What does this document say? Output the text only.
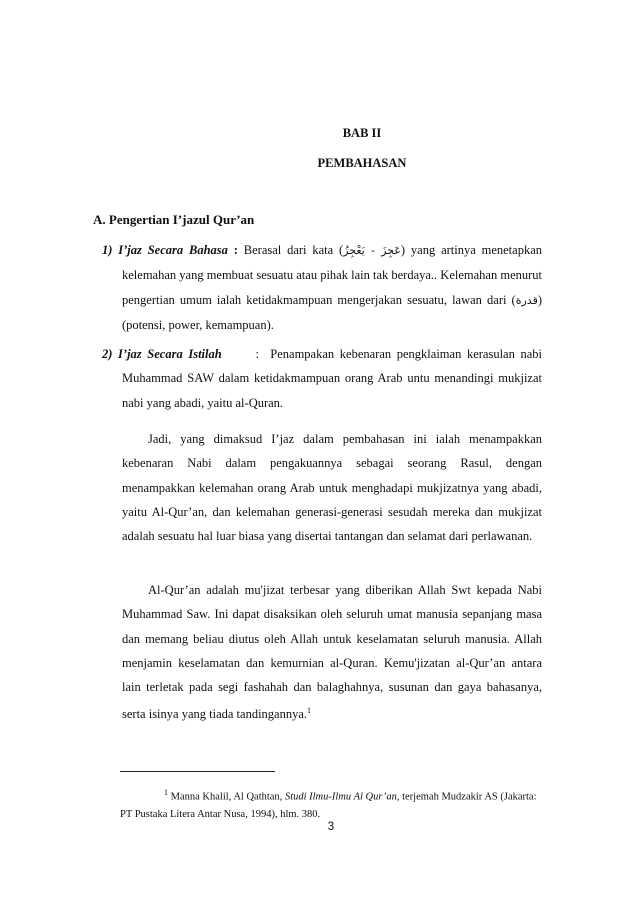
BAB II
PEMBAHASAN
A. Pengertian I’jazul Qur’an
1) I’jaz Secara Bahasa : Berasal dari kata (عَجِزَ - يَعْجِزُ) yang artinya menetapkan kelemahan yang membuat sesuatu atau pihak lain tak berdaya.. Kelemahan menurut pengertian umum ialah ketidakmampuan mengerjakan sesuatu, lawan dari (قدرة) (potensi, power, kemampuan).
2) I’jaz Secara Istilah      :  Penampakan kebenaran pengklaiman kerasulan nabi Muhammad SAW dalam ketidakmampuan orang Arab untu menandingi mukjizat nabi yang abadi, yaitu al-Quran.
Jadi, yang dimaksud I’jaz dalam pembahasan ini ialah menampakkan kebenaran Nabi dalam pengakuannya sebagai seorang Rasul, dengan menampakkan kelemahan orang Arab untuk menghadapi mukjizatnya yang abadi, yaitu Al-Qur’an, dan kelemahan generasi-generasi sesudah mereka dan mukjizat adalah sesuatu hal luar biasa yang disertai tantangan dan selamat dari perlawanan.
Al-Qur’an adalah mu'jizat terbesar yang diberikan Allah Swt kepada Nabi Muhammad Saw. Ini dapat disaksikan oleh seluruh umat manusia sepanjang masa dan memang beliau diutus oleh Allah untuk keselamatan seluruh manusia. Allah menjamin keselamatan dan kemurnian al-Quran. Kemu'jizatan al-Qur’an antara lain terletak pada segi fashahah dan balaghahnya, susunan dan gaya bahasanya, serta isinya yang tiada tandingannya.$^1$
$^1$ Manna Khalil, Al Qathtan, Studi Ilmu-Ilmu Al Qur’an, terjemah Mudzakir AS (Jakarta: PT Pustaka Litera Antar Nusa, 1994), hlm. 380.
3
